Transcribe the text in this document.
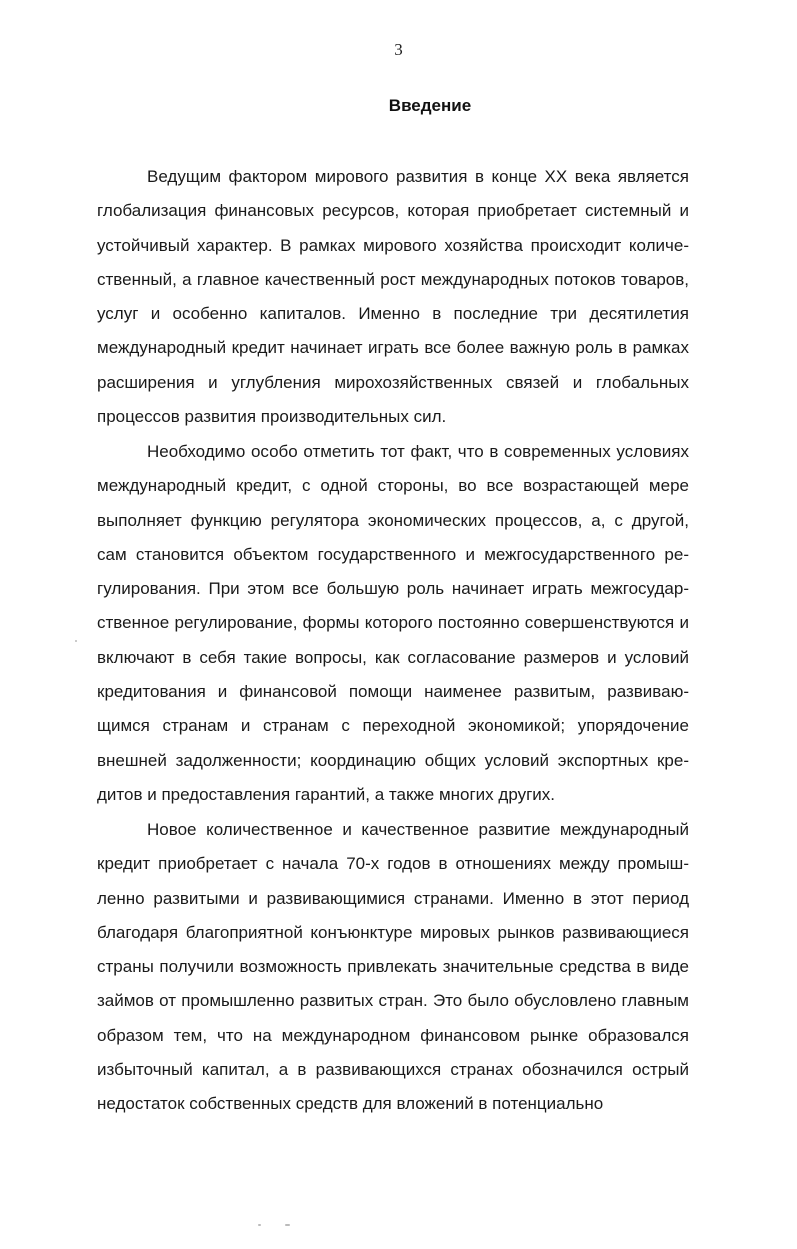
3
Введение

Ведущим фактором мирового развития в конце XX века является глобализация финансовых ресурсов, которая приобретает системный и устойчивый характер. В рамках мирового хозяйства происходит количественный, а главное качественный рост международных потоков товаров, услуг и особенно капиталов. Именно в последние три десятилетия международный кредит начинает играть все более важную роль в рамках расширения и углубления мирохозяйственных связей и глобальных процессов развития производительных сил.

Необходимо особо отметить тот факт, что в современных условиях международный кредит, с одной стороны, во все возрастающей мере выполняет функцию регулятора экономических процессов, а, с другой, сам становится объектом государственного и межгосударственного регулирования. При этом все большую роль начинает играть межгосударственное регулирование, формы которого постоянно совершенствуются и включают в себя такие вопросы, как согласование размеров и условий кредитования и финансовой помощи наименее развитым, развивающимся странам и странам с переходной экономикой; упорядочение внешней задолженности; координацию общих условий экспортных кредитов и предоставления гарантий, а также многих других.

Новое количественное и качественное развитие международный кредит приобретает с начала 70-х годов в отношениях между промышленно развитыми и развивающимися странами. Именно в этот период благодаря благоприятной конъюнктуре мировых рынков развивающиеся страны получили возможность привлекать значительные средства в виде займов от промышленно развитых стран. Это было обусловлено главным образом тем, что на международном финансовом рынке образовался избыточный капитал, а в развивающихся странах обозначился острый недостаток собственных средств для вложений в потенциально
